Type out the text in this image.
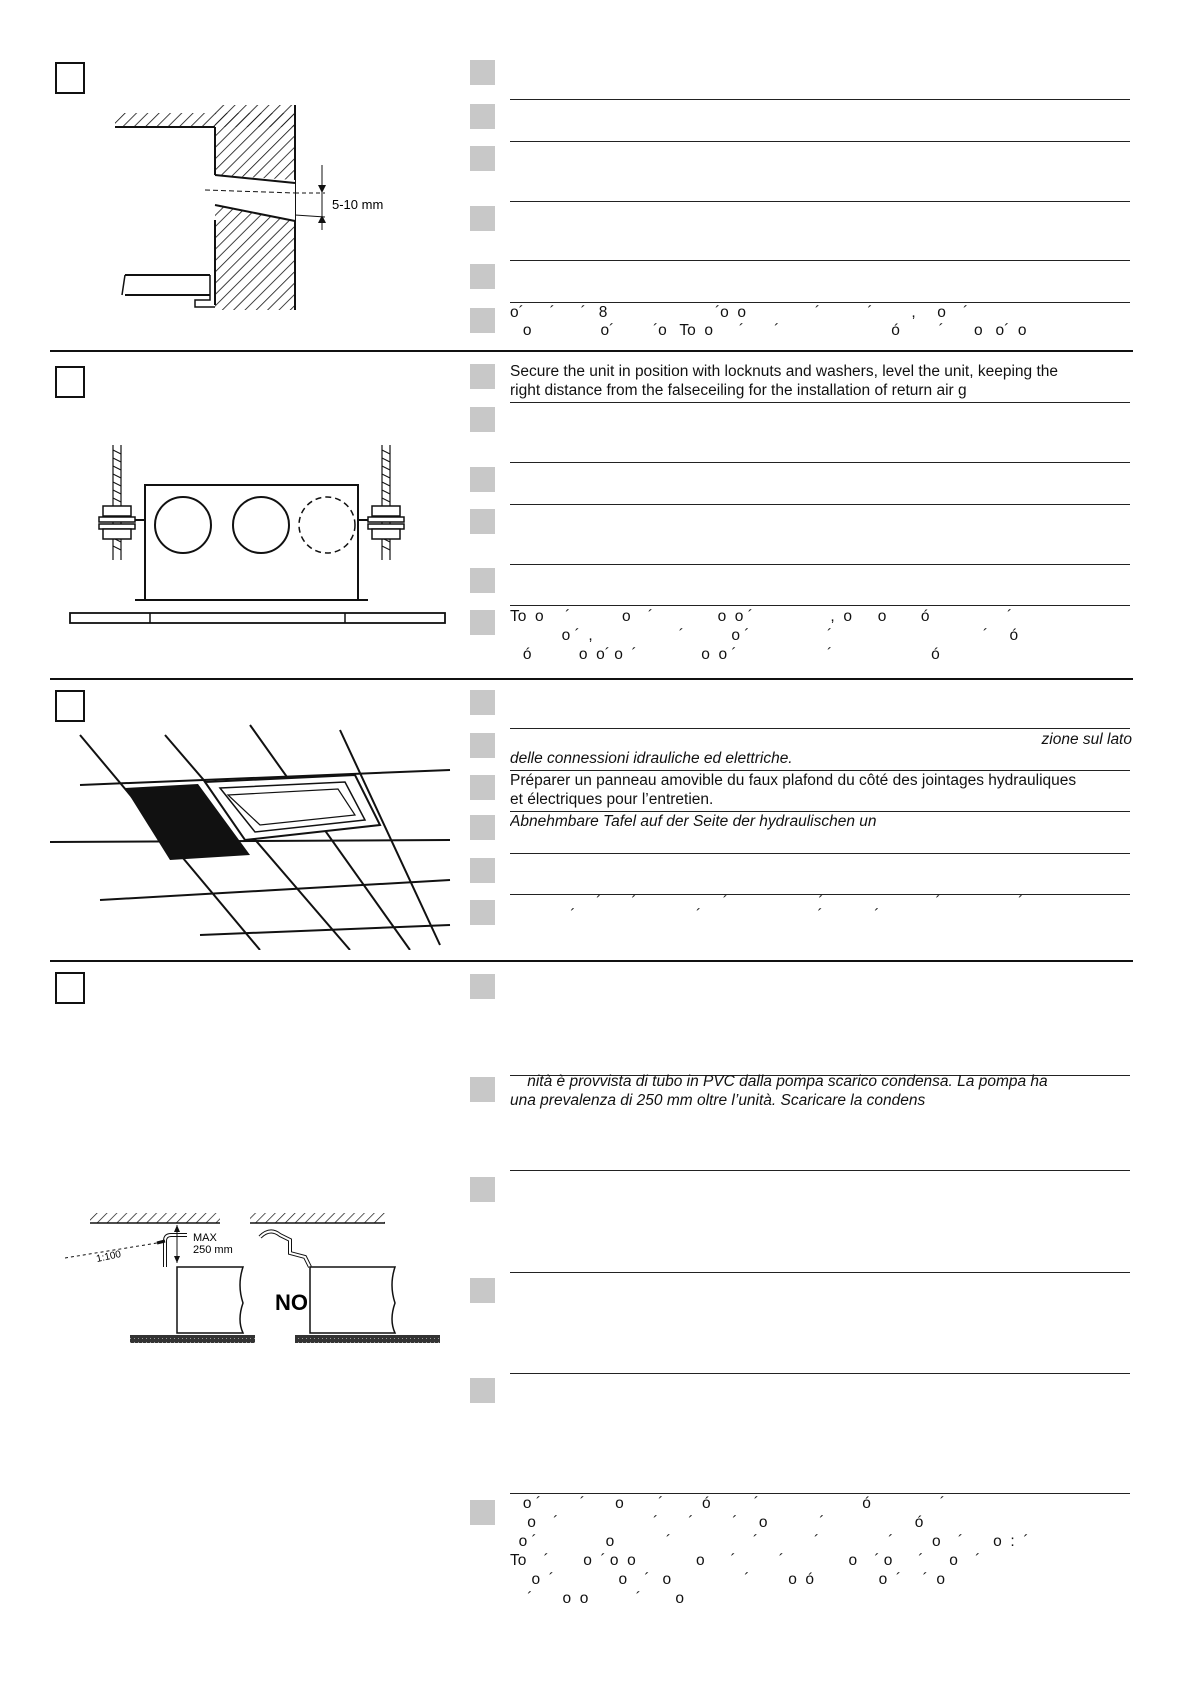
o´      ´      ´   8                         ´o  o                ´           ´         ,     o    ´
o                o´         ´o   To  o      ´       ´                          ó         ´       o   o´  o
5-10 mm
Secure the unit in position with locknuts and washers, level the unit, keeping the
right distance from the falseceiling for the installation of return air g
To  o     ´            o    ´               o  o ´                  ,  o      o        ó                  ´
o ´  ,                    ´           o ´                  ´                                   ´     ó
ó           o  o´ o  ´               o  o ´                     ´                       ó
zione sul lato
delle connessioni idrauliche ed elettriche.
Préparer un panneau amovible du faux plafond du côté des jointages hydrauliques
et électriques pour l’entretien.
Abnehmbare Tafel auf der Seite der hydraulischen un
´       ´                    ´                     ´                          ´                  ´
´                            ´                           ´            ´
nità è provvista di tubo in PVC dalla pompa scarico condensa. La pompa ha
una prevalenza di 250 mm oltre l’unità. Scaricare la condens
o ´         ´       o        ´         ó          ´                        ó                ´
o    ´                      ´       ´         ´     o            ´                     ó
o ´                o            ´                   ´             ´                ´         o    ´       o  :  ´
To    ´        o  ´ o  o              o      ´          ´               o    ´ o      ´      o    ´
o  ´               o    ´   o                 ´         o  ó               o  ´     ´  o
´       o  o           ´        o
1:100
MAX
250 mm
NO
